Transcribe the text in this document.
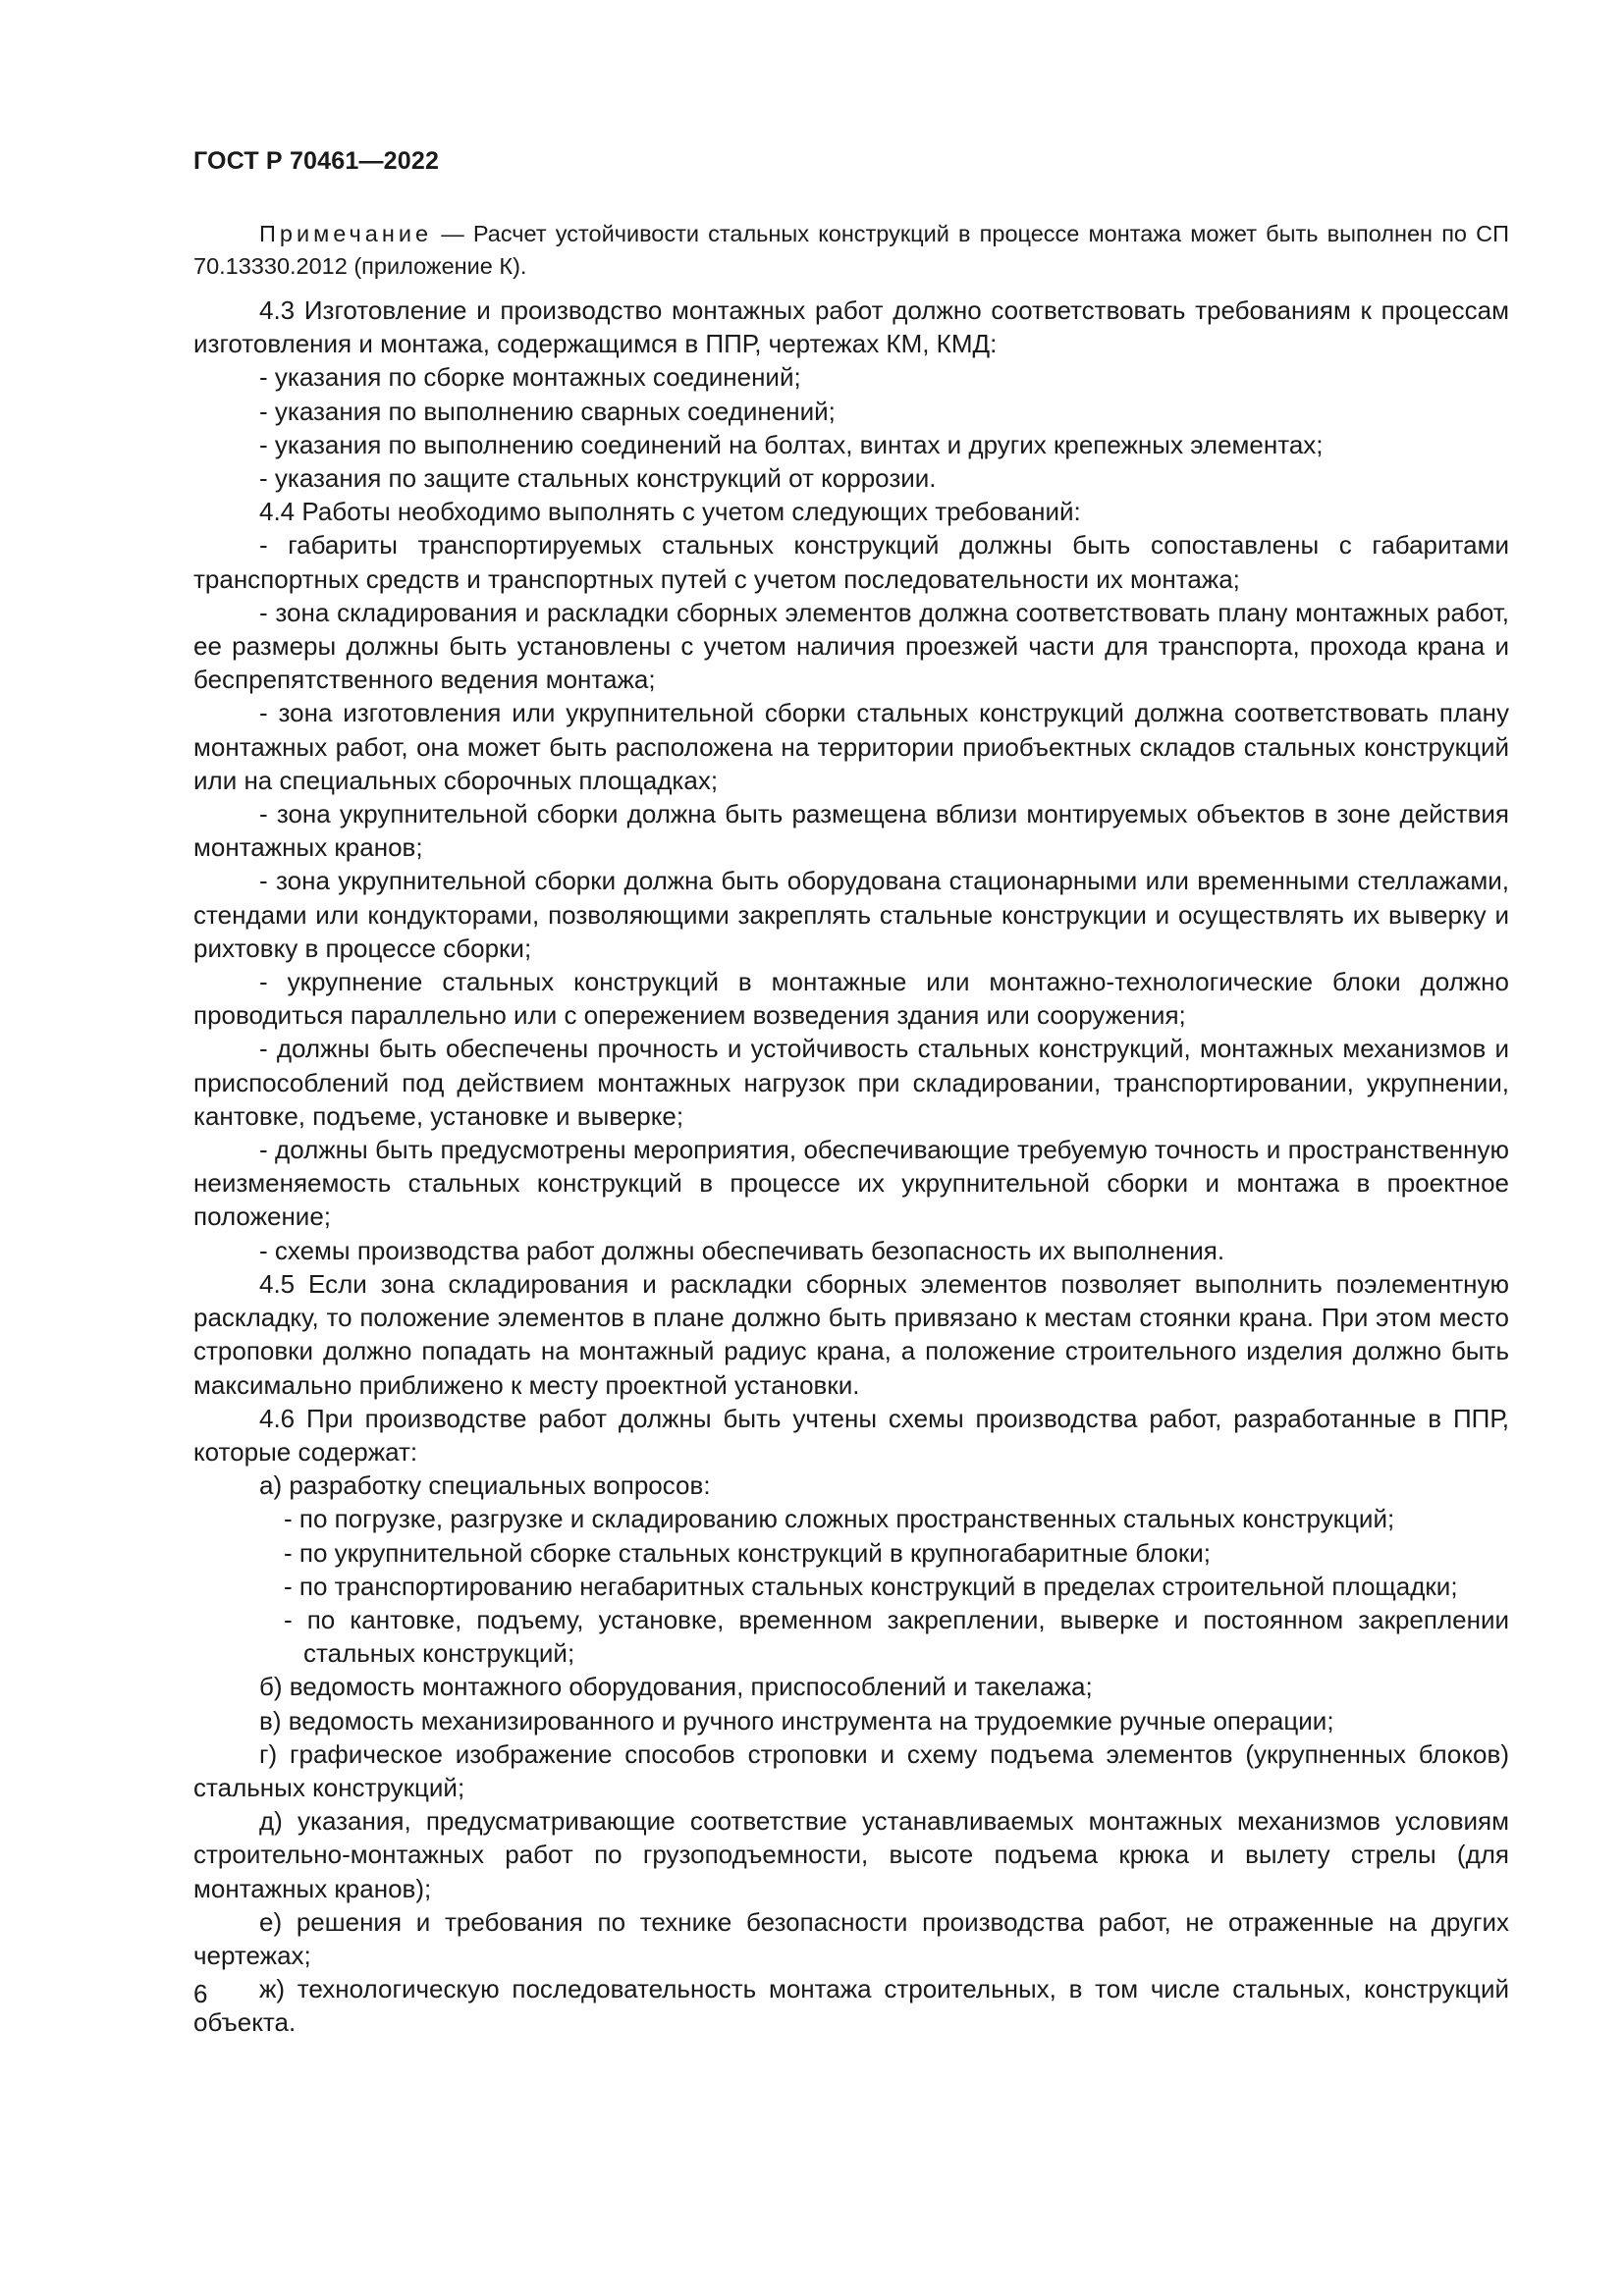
ГОСТ Р 70461—2022

Примечание — Расчет устойчивости стальных конструкций в процессе монтажа может быть выполнен по СП 70.13330.2012 (приложение К).

4.3 Изготовление и производство монтажных работ должно соответствовать требованиям к процессам изготовления и монтажа, содержащимся в ППР, чертежах КМ, КМД:

- указания по сборке монтажных соединений;

- указания по выполнению сварных соединений;

- указания по выполнению соединений на болтах, винтах и других крепежных элементах;

- указания по защите стальных конструкций от коррозии.

4.4 Работы необходимо выполнять с учетом следующих требований:

- габариты транспортируемых стальных конструкций должны быть сопоставлены с габаритами транспортных средств и транспортных путей с учетом последовательности их монтажа;

- зона складирования и раскладки сборных элементов должна соответствовать плану монтажных работ, ее размеры должны быть установлены с учетом наличия проезжей части для транспорта, прохода крана и беспрепятственного ведения монтажа;

- зона изготовления или укрупнительной сборки стальных конструкций должна соответствовать плану монтажных работ, она может быть расположена на территории приобъектных складов стальных конструкций или на специальных сборочных площадках;

- зона укрупнительной сборки должна быть размещена вблизи монтируемых объектов в зоне действия монтажных кранов;

- зона укрупнительной сборки должна быть оборудована стационарными или временными стеллажами, стендами или кондукторами, позволяющими закреплять стальные конструкции и осуществлять их выверку и рихтовку в процессе сборки;

- укрупнение стальных конструкций в монтажные или монтажно-технологические блоки должно проводиться параллельно или с опережением возведения здания или сооружения;

- должны быть обеспечены прочность и устойчивость стальных конструкций, монтажных механизмов и приспособлений под действием монтажных нагрузок при складировании, транспортировании, укрупнении, кантовке, подъеме, установке и выверке;

- должны быть предусмотрены мероприятия, обеспечивающие требуемую точность и пространственную неизменяемость стальных конструкций в процессе их укрупнительной сборки и монтажа в проектное положение;

- схемы производства работ должны обеспечивать безопасность их выполнения.

4.5 Если зона складирования и раскладки сборных элементов позволяет выполнить поэлементную раскладку, то положение элементов в плане должно быть привязано к местам стоянки крана. При этом место строповки должно попадать на монтажный радиус крана, а положение строительного изделия должно быть максимально приближено к месту проектной установки.

4.6 При производстве работ должны быть учтены схемы производства работ, разработанные в ППР, которые содержат:

а) разработку специальных вопросов:

- по погрузке, разгрузке и складированию сложных пространственных стальных конструкций;

- по укрупнительной сборке стальных конструкций в крупногабаритные блоки;

- по транспортированию негабаритных стальных конструкций в пределах строительной площадки;

- по кантовке, подъему, установке, временном закреплении, выверке и постоянном закреплении стальных конструкций;

б) ведомость монтажного оборудования, приспособлений и такелажа;

в) ведомость механизированного и ручного инструмента на трудоемкие ручные операции;

г) графическое изображение способов строповки и схему подъема элементов (укрупненных блоков) стальных конструкций;

д) указания, предусматривающие соответствие устанавливаемых монтажных механизмов условиям строительно-монтажных работ по грузоподъемности, высоте подъема крюка и вылету стрелы (для монтажных кранов);

е) решения и требования по технике безопасности производства работ, не отраженные на других чертежах;

ж) технологическую последовательность монтажа строительных, в том числе стальных, конструкций объекта.

6
